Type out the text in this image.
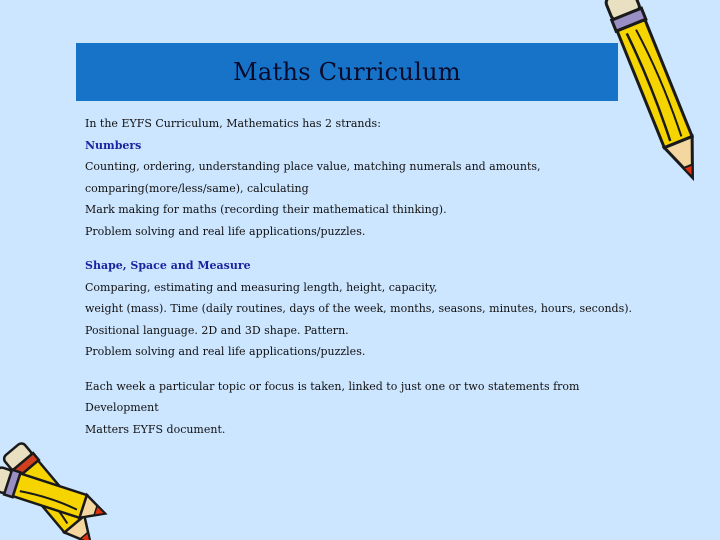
Maths Curriculum

In the EYFS Curriculum, Mathematics has 2 strands:

Numbers

Counting, ordering, understanding place value, matching numerals and amounts,

comparing(more/less/same), calculating

Mark making for maths (recording their mathematical thinking).

Problem solving and real life applications/puzzles.

Shape, Space and Measure

Comparing, estimating and measuring length, height, capacity,

weight (mass). Time (daily routines, days of the week, months, seasons, minutes, hours, seconds).

Positional language. 2D and 3D shape. Pattern.

Problem solving and real life applications/puzzles.

Each week a particular topic or focus is taken, linked to just one or two statements from Development

Matters EYFS document.
